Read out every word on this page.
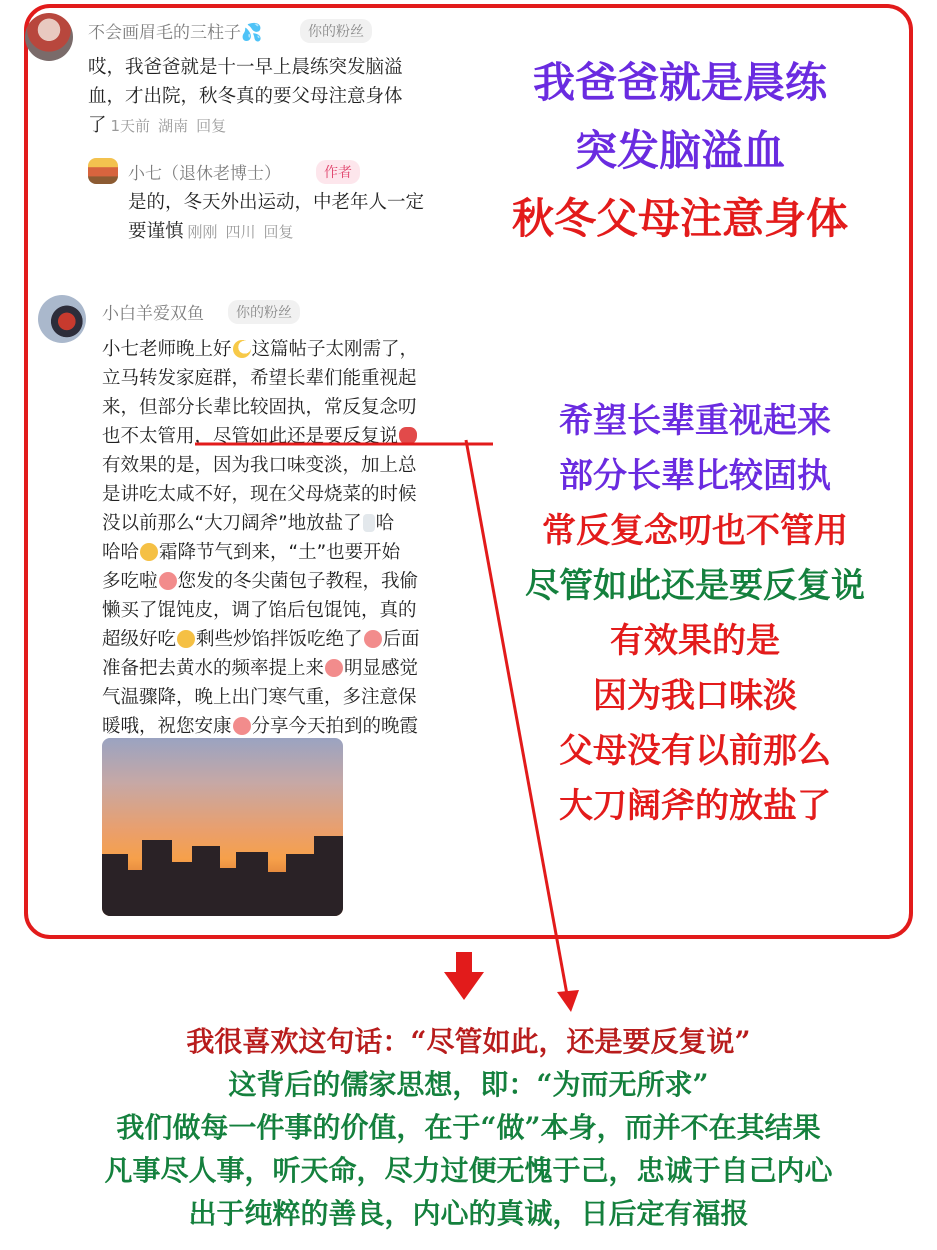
不会画眉毛的三柱子💦	你的粉丝
哎，我爸爸就是十一早上晨练突发脑溢
血，才出院，秋冬真的要父母注意身体
了 1天前 湖南 回复
小七（退休老博士）	作者
是的，冬天外出运动，中老年人一定
要谨慎 刚刚 四川 回复
小白羊爱双鱼	你的粉丝
小七老师晚上好 这篇帖子太刚需了，
立马转发家庭群，希望长辈们能重视起
来，但部分长辈比较固执，常反复念叨
也不太管用，尽管如此还是要反复说
有效果的是，因为我口味变淡，加上总
是讲吃太咸不好，现在父母烧菜的时候
没以前那么“大刀阔斧”地放盐了 哈
哈哈 霜降节气到来，“土”也要开始
多吃啦 您发的冬尖菌包子教程，我偷
懒买了馄饨皮，调了馅后包馄饨，真的
超级好吃 剩些炒馅拌饭吃绝了 后面
准备把去黄水的频率提上来 明显感觉
气温骤降，晚上出门寒气重，多注意保
暖哦，祝您安康 分享今天拍到的晚霞
我爸爸就是晨练
突发脑溢血
秋冬父母注意身体
希望长辈重视起来
部分长辈比较固执
常反复念叨也不管用
尽管如此还是要反复说
有效果的是
因为我口味淡
父母没有以前那么
大刀阔斧的放盐了
我很喜欢这句话：“尽管如此，还是要反复说”
这背后的儒家思想，即：“为而无所求”
我们做每一件事的价值，在于“做”本身，而并不在其结果
凡事尽人事，听天命，尽力过便无愧于己，忠诚于自己内心
出于纯粹的善良，内心的真诚，日后定有福报
